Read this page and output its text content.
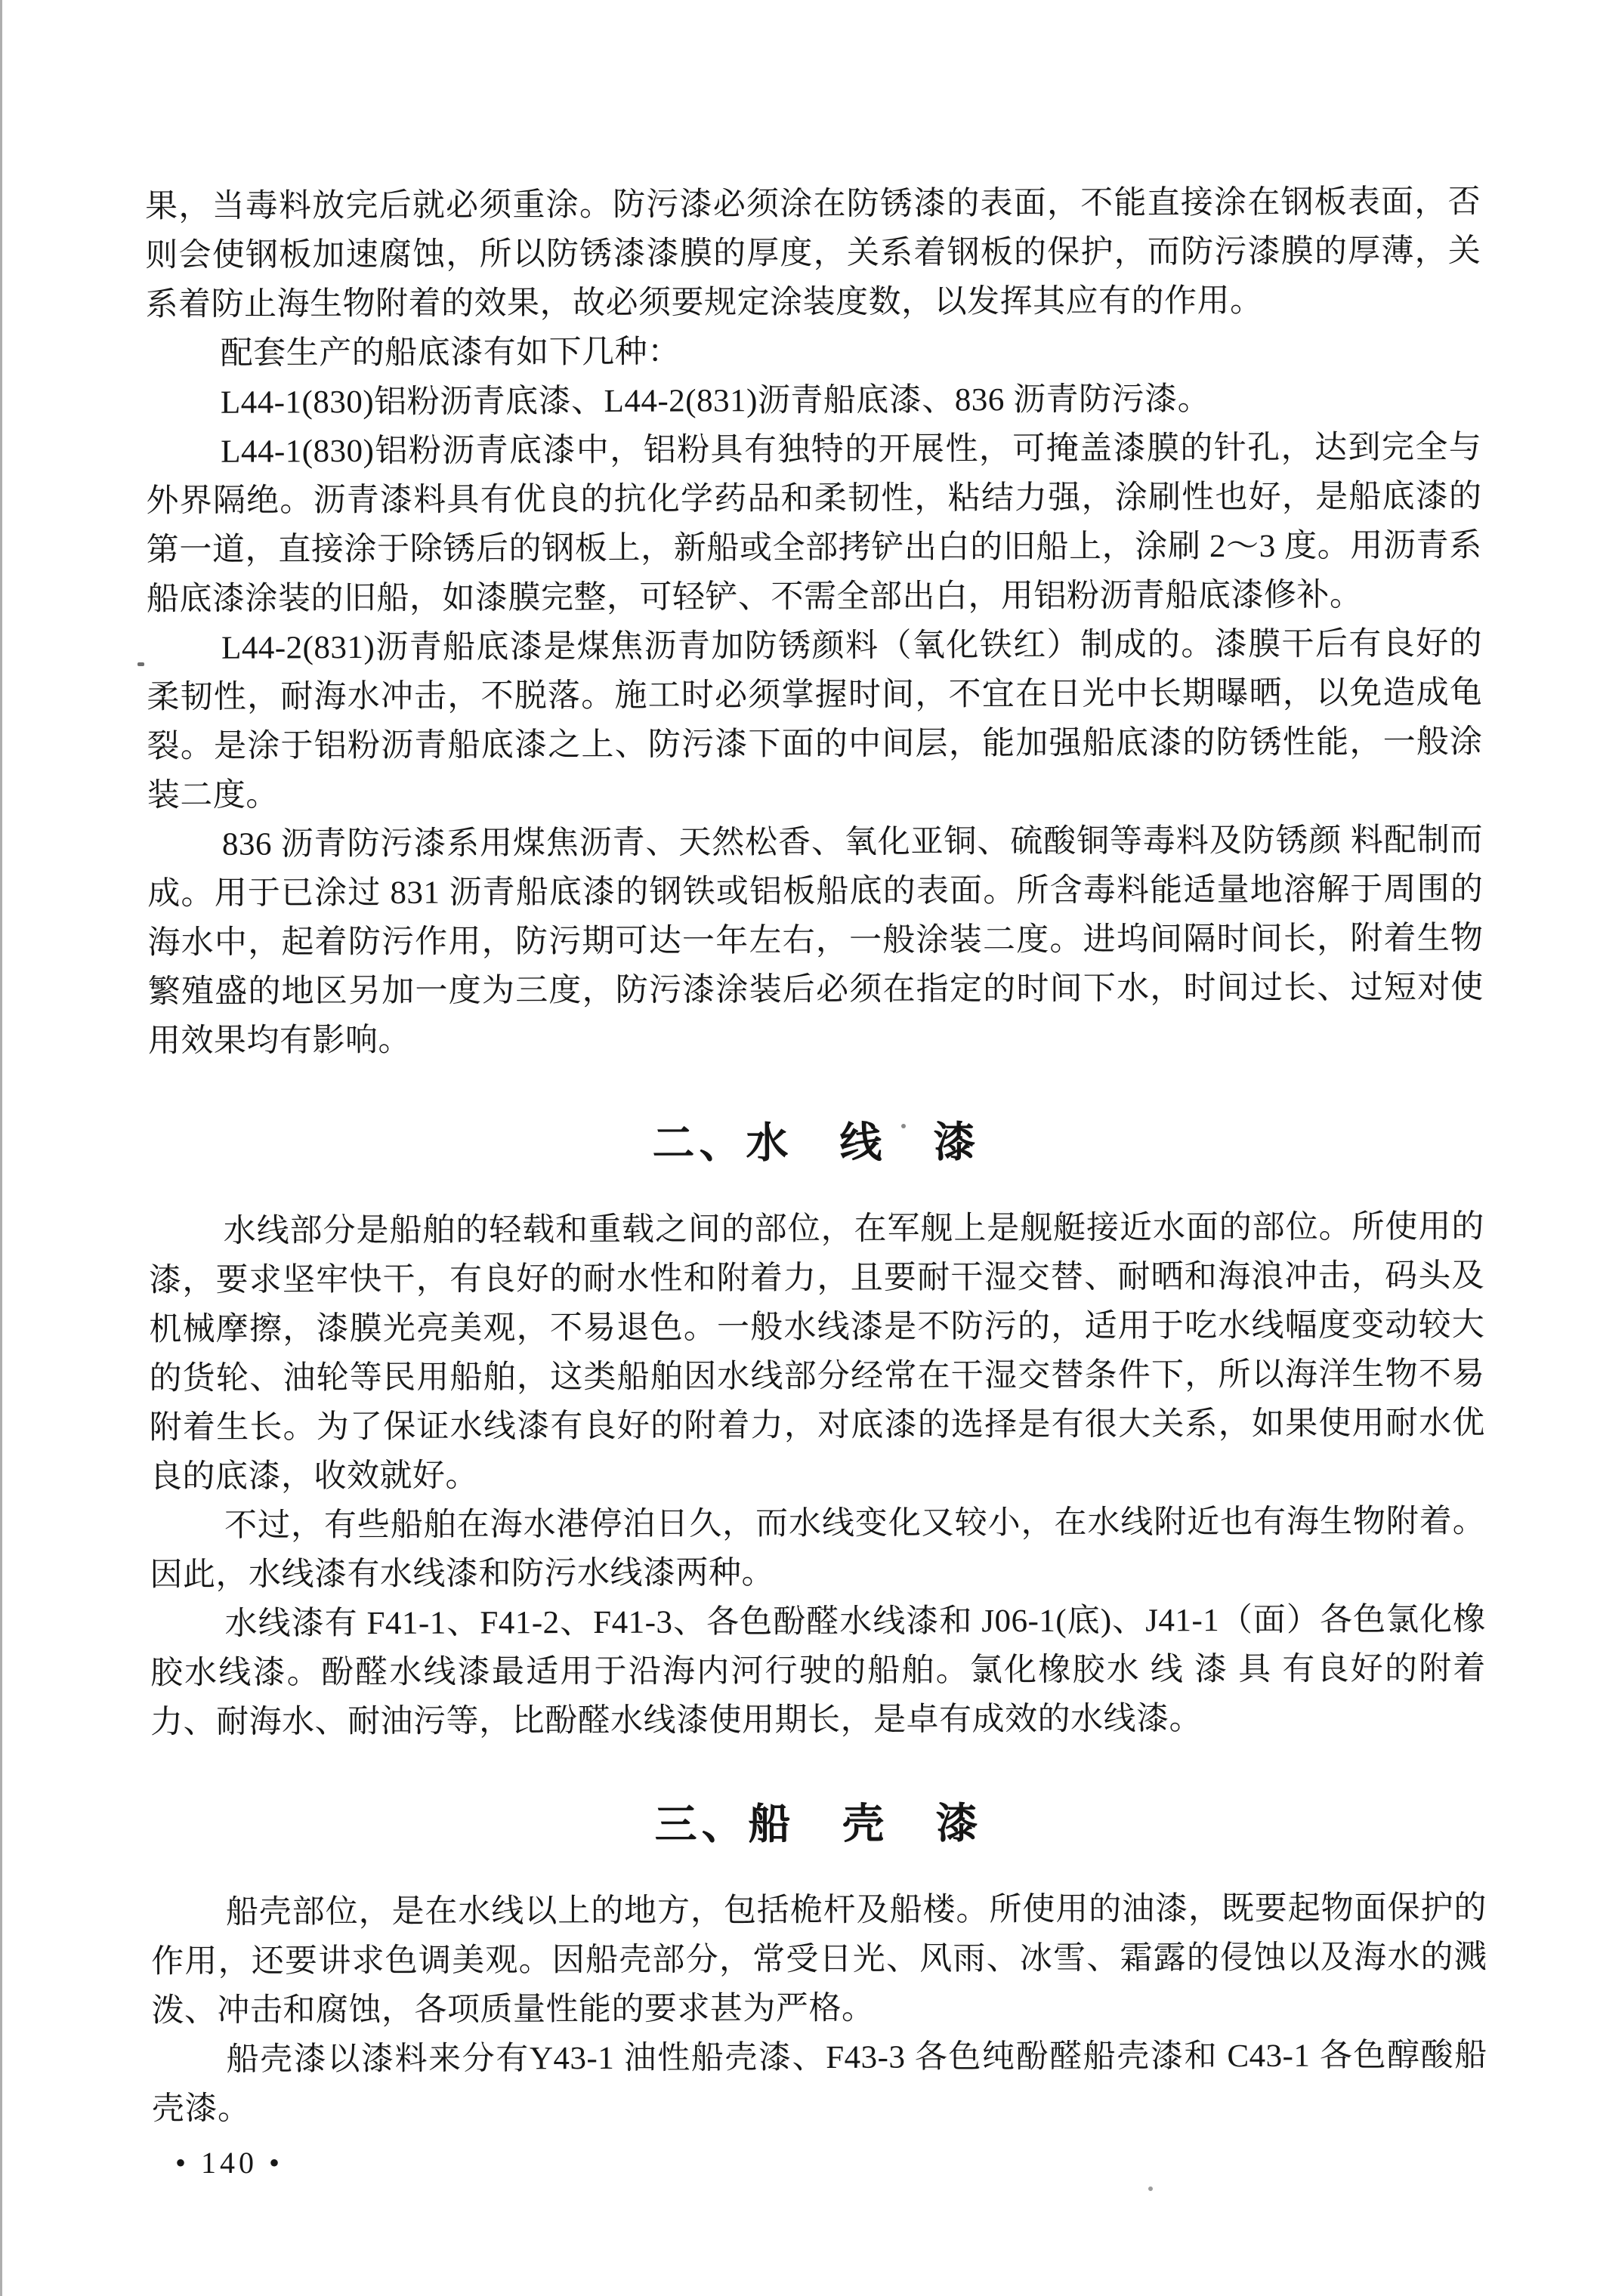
果，当毒料放完后就必须重涂。防污漆必须涂在防锈漆的表面，不能直接涂在钢板表面，否则会使钢板加速腐蚀，所以防锈漆漆膜的厚度，关系着钢板的保护，而防污漆膜的厚薄，关系着防止海生物附着的效果，故必须要规定涂装度数，以发挥其应有的作用。

配套生产的船底漆有如下几种：

L44-1(830)铝粉沥青底漆、L44-2(831)沥青船底漆、836 沥青防污漆。

L44-1(830)铝粉沥青底漆中，铝粉具有独特的开展性，可掩盖漆膜的针孔，达到完全与外界隔绝。沥青漆料具有优良的抗化学药品和柔韧性，粘结力强，涂刷性也好，是船底漆的第一道，直接涂于除锈后的钢板上，新船或全部拷铲出白的旧船上，涂刷 2～3 度。用沥青系船底漆涂装的旧船，如漆膜完整，可轻铲、不需全部出白，用铝粉沥青船底漆修补。

L44-2(831)沥青船底漆是煤焦沥青加防锈颜料（氧化铁红）制成的。漆膜干后有良好的柔韧性，耐海水冲击，不脱落。施工时必须掌握时间，不宜在日光中长期曝晒，以免造成龟裂。是涂于铝粉沥青船底漆之上、防污漆下面的中间层，能加强船底漆的防锈性能，一般涂装二度。

836 沥青防污漆系用煤焦沥青、天然松香、氧化亚铜、硫酸铜等毒料及防锈颜 料配制而成。用于已涂过 831 沥青船底漆的钢铁或铝板船底的表面。所含毒料能适量地溶解于周围的海水中，起着防污作用，防污期可达一年左右，一般涂装二度。进坞间隔时间长，附着生物繁殖盛的地区另加一度为三度，防污漆涂装后必须在指定的时间下水，时间过长、过短对使用效果均有影响。

二、水　线　漆

水线部分是船舶的轻载和重载之间的部位，在军舰上是舰艇接近水面的部位。所使用的漆，要求坚牢快干，有良好的耐水性和附着力，且要耐干湿交替、耐晒和海浪冲击，码头及机械摩擦，漆膜光亮美观，不易退色。一般水线漆是不防污的，适用于吃水线幅度变动较大的货轮、油轮等民用船舶，这类船舶因水线部分经常在干湿交替条件下，所以海洋生物不易附着生长。为了保证水线漆有良好的附着力，对底漆的选择是有很大关系，如果使用耐水优良的底漆，收效就好。

不过，有些船舶在海水港停泊日久，而水线变化又较小，在水线附近也有海生物附着。因此，水线漆有水线漆和防污水线漆两种。

水线漆有 F41-1、F41-2、F41-3、各色酚醛水线漆和 J06-1(底)、J41-1（面）各色氯化橡胶水线漆。酚醛水线漆最适用于沿海内河行驶的船舶。氯化橡胶水 线 漆 具 有良好的附着力、耐海水、耐油污等，比酚醛水线漆使用期长，是卓有成效的水线漆。

三、船　壳　漆

船壳部位，是在水线以上的地方，包括桅杆及船楼。所使用的油漆，既要起物面保护的作用，还要讲求色调美观。因船壳部分，常受日光、风雨、冰雪、霜露的侵蚀以及海水的溅泼、冲击和腐蚀，各项质量性能的要求甚为严格。

船壳漆以漆料来分有Y43-1 油性船壳漆、F43-3 各色纯酚醛船壳漆和 C43-1 各色醇酸船壳漆。

• 140 •
